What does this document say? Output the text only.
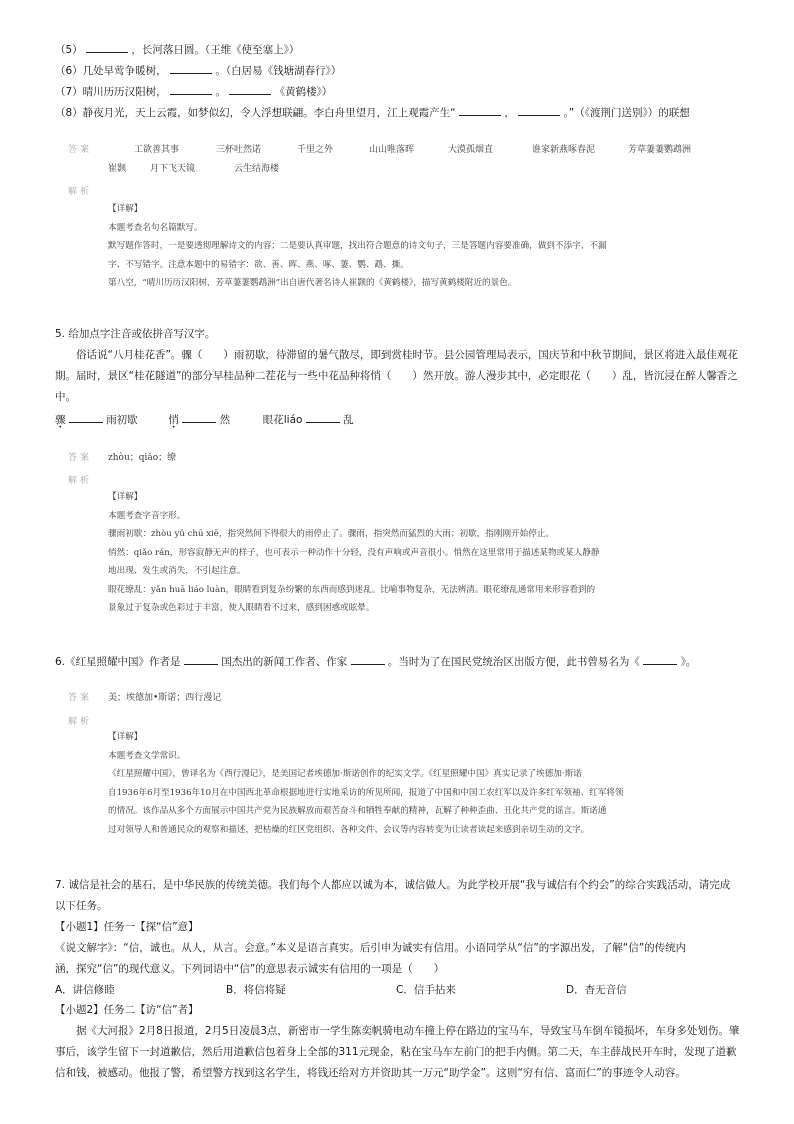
（5）	，长河落日圆。（王维《使至塞上》）
（6）几处早莺争暖树，	。（白居易《钱塘湖春行》）
（7）晴川历历汉阳树，	。	《黄鹤楼》）
（8）静夜月光，天上云霞，如梦似幻，令人浮想联翩。李白舟里望月，江上观霞产生“	，	。”（《渡荆门送别》）的联想
答案	工欲善其事	三杯吐然诺	千里之外	山山唯落晖	大漠孤烟直	谁家新燕啄春泥	芳草萋萋鹦鹉洲
崔颢	月下飞天镜	云生结海楼
解析

【详解】

本题考查名句名篇默写。

默写题作答时，一是要透彻理解诗文的内容；二是要认真审题，找出符合题意的诗文句子，三是答题内容要准确，做到不添字、不漏

字、不写错字。注意本题中的易错字：欲、善、晖、燕、啄、萋、鹦、鹉、撕。

第八空，“晴川历历汉阳树，芳草萋萋鹦鹉洲”出自唐代著名诗人崔颢的《黄鹤楼》，描写黄鹤楼附近的景色。

5. 给加点字注音或依拼音写汉字。

俗话说“八月桂花香”。骤（　　）雨初歇，待滞留的暑气散尽，即到赏桂时节。县公园管理局表示，国庆节和中秋节期间，景区将进入最佳观花

期。届时，景区“桂花隧道”的部分早桂品种二茬花与一些中花品种将悄（　　）然开放。游人漫步其中，必定眼花（　　）乱，皆沉浸在醉人馨香之

中。

骤	雨初歇	悄	然	眼花liáo	乱
答案 zhòu；qiǎo；缭
解析

【详解】

本题考查字音字形。

骤雨初歇：zhòu yǔ chū xiē，指突然间下得很大的雨停止了。骤雨，指突然而猛烈的大雨；初歇，指刚刚开始停止。

悄然：qiǎo rán，形容寂静无声的样子，也可表示一种动作十分轻，没有声响或声音很小。悄然在这里常用于描述某物或某人静静

地出现、发生或消失，不引起注意。

眼花缭乱：yǎn huā liáo luàn，眼睛看到复杂纷繁的东西而感到迷乱。比喻事物复杂，无法辨清。眼花缭乱通常用来形容看到的

景象过于复杂或色彩过于丰富，使人眼睛看不过来，感到困惑或眩晕。

6.《红星照耀中国》作者是	国杰出的新闻工作者、作家	。当时为了在国民党统治区出版方便，此书曾易名为《	》。
答案 美；埃德加•斯诺；西行漫记
解析

【详解】

本题考查文学常识。

《红星照耀中国》，曾译名为《西行漫记》，是美国记者埃德加·斯诺创作的纪实文学。《红星照耀中国》真实记录了埃德加·斯诺

自1936年6月至1936年10月在中国西北革命根据地进行实地采访的所见所闻，报道了中国和中国工农红军以及许多红军领袖、红军将领

的情况。该作品从多个方面展示中国共产党为民族解放而艰苦奋斗和牺牲奉献的精神，瓦解了种种歪曲、丑化共产党的谣言。斯诺通

过对领导人和普通民众的观察和描述，把枯燥的红区党组织、各种文件、会议等内容转变为让读者读起来感到亲切生动的文字。

7. 诚信是社会的基石，是中华民族的传统美德。我们每个人都应以诚为本，诚信做人。为此学校开展“我与诚信有个约会”的综合实践活动，请完成

以下任务。

【小题1】任务一【探“信”意】

《说文解字》：“信，诚也。从人，从言。会意。”本义是语言真实。后引申为诚实有信用。小语同学从“信”的字源出发，了解“信”的传统内

涵，探究“信”的现代意义。下列词语中“信”的意思表示诚实有信用的一项是（　　）

A．讲信修睦	B．将信将疑	C．信手拈来	D．杳无音信

【小题2】任务二【访“信”者】

据《大河报》2月8日报道，2月5日凌晨3点，新密市一学生陈奕帆骑电动车撞上停在路边的宝马车，导致宝马车倒车镜损坏，车身多处划伤。肇

事后，该学生留下一封道歉信，然后用道歉信包着身上全部的311元现金，粘在宝马车左前门的把手内侧。第二天，车主薛战民开车时，发现了道歉

信和钱，被感动。他报了警，希望警方找到这名学生，将钱还给对方并资助其一万元“助学金”。这则“穷有信、富而仁”的事迹令人动容。
